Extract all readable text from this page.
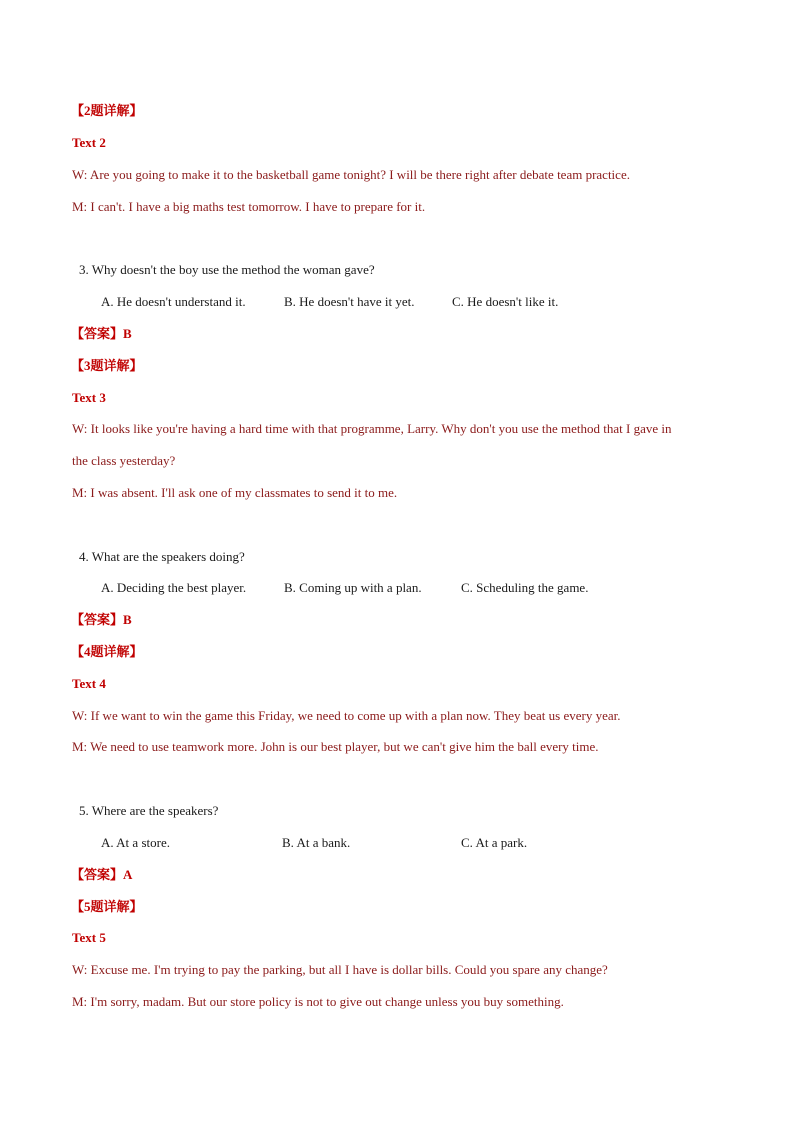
【2题详解】
Text 2
W: Are you going to make it to the basketball game tonight? I will be there right after debate team practice.
M: I can't. I have a big maths test tomorrow. I have to prepare for it.
3. Why doesn't the boy use the method the woman gave?
A. He doesn't understand it.	B. He doesn't have it yet.	C. He doesn't like it.
【答案】B
【3题详解】
Text 3
W: It looks like you're having a hard time with that programme, Larry. Why don't you use the method that I gave in
the class yesterday?
M: I was absent. I'll ask one of my classmates to send it to me.
4. What are the speakers doing?
A. Deciding the best player.	B. Coming up with a plan.	C. Scheduling the game.
【答案】B
【4题详解】
Text 4
W: If we want to win the game this Friday, we need to come up with a plan now. They beat us every year.
M: We need to use teamwork more. John is our best player, but we can't give him the ball every time.
5. Where are the speakers?
A. At a store.	B. At a bank.	C. At a park.
【答案】A
【5题详解】
Text 5
W: Excuse me. I'm trying to pay the parking, but all I have is dollar bills. Could you spare any change?
M: I'm sorry, madam. But our store policy is not to give out change unless you buy something.
